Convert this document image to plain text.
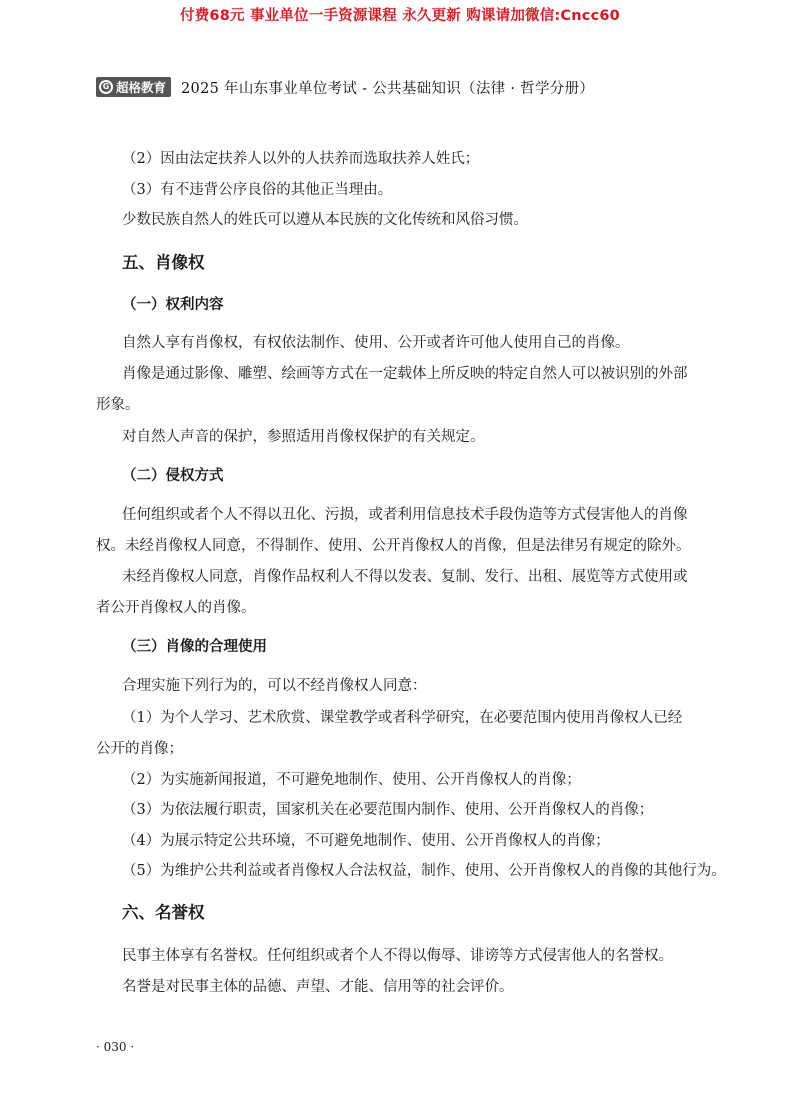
付费68元 事业单位一手资源课程 永久更新 购课请加微信:Cncc60
G 超格教育 2025 年山东事业单位考试 - 公共基础知识（法律 · 哲学分册）
（2）因由法定扶养人以外的人扶养而选取扶养人姓氏；
（3）有不违背公序良俗的其他正当理由。
少数民族自然人的姓氏可以遵从本民族的文化传统和风俗习惯。
五、肖像权
（一）权利内容
自然人享有肖像权，有权依法制作、使用、公开或者许可他人使用自己的肖像。
肖像是通过影像、雕塑、绘画等方式在一定载体上所反映的特定自然人可以被识别的外部
形象。
对自然人声音的保护，参照适用肖像权保护的有关规定。
（二）侵权方式
任何组织或者个人不得以丑化、污损，或者利用信息技术手段伪造等方式侵害他人的肖像
权。未经肖像权人同意，不得制作、使用、公开肖像权人的肖像，但是法律另有规定的除外。
未经肖像权人同意，肖像作品权利人不得以发表、复制、发行、出租、展览等方式使用或
者公开肖像权人的肖像。
（三）肖像的合理使用
合理实施下列行为的，可以不经肖像权人同意：
（1）为个人学习、艺术欣赏、课堂教学或者科学研究，在必要范围内使用肖像权人已经
公开的肖像；
（2）为实施新闻报道，不可避免地制作、使用、公开肖像权人的肖像；
（3）为依法履行职责，国家机关在必要范围内制作、使用、公开肖像权人的肖像；
（4）为展示特定公共环境，不可避免地制作、使用、公开肖像权人的肖像；
（5）为维护公共利益或者肖像权人合法权益，制作、使用、公开肖像权人的肖像的其他行为。
六、名誉权
民事主体享有名誉权。任何组织或者个人不得以侮辱、诽谤等方式侵害他人的名誉权。
名誉是对民事主体的品德、声望、才能、信用等的社会评价。
· 030 ·
